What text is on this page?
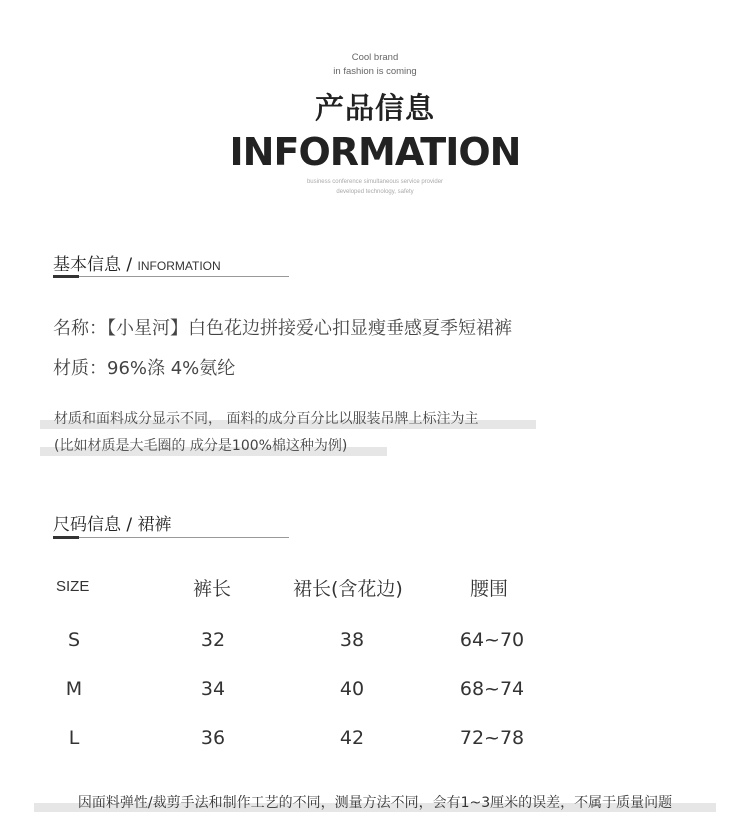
Cool brand
in fashion is coming
产品信息
INFORMATION
business conference simultaneous service provider
developed technology, safety
基本信息 / INFORMATION
名称：【小星河】白色花边拼接爱心扣显瘦垂感夏季短裙裤
材质：96%涤 4%氨纶
材质和面料成分显示不同， 面料的成分百分比以服装吊牌上标注为主
(比如材质是大毛圈的 成分是100%棉这种为例)
尺码信息 / 裙裤
SIZE	裤长	裙长(含花边)	腰围
S	32	38	64~70
M	34	40	68~74
L	36	42	72~78
因面料弹性/裁剪手法和制作工艺的不同，测量方法不同，会有1~3厘米的误差，不属于质量问题
